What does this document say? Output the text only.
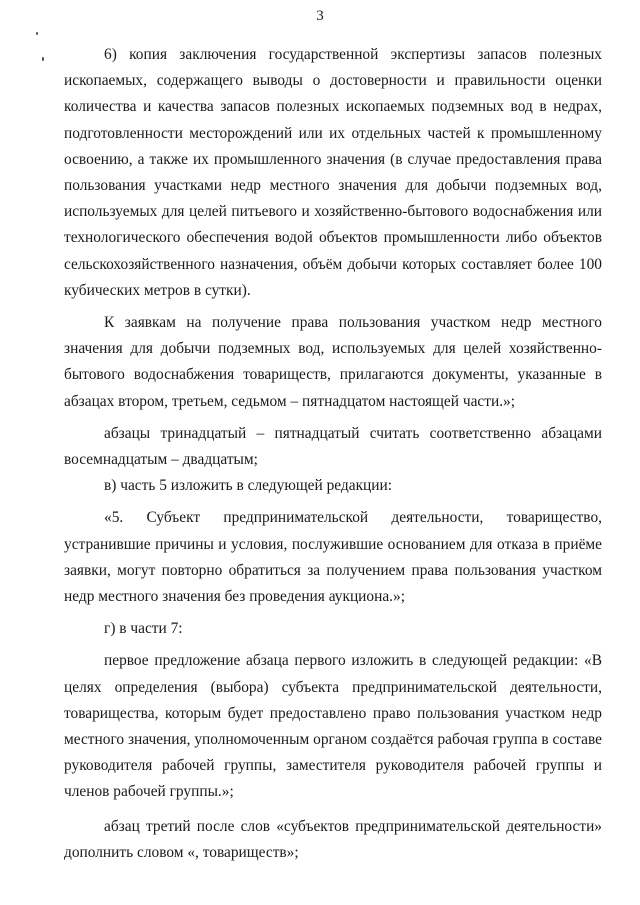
3

6) копия заключения государственной экспертизы запасов полезных ископаемых, содержащего выводы о достоверности и правильности оценки количества и качества запасов полезных ископаемых подземных вод в недрах, подготовленности месторождений или их отдельных частей к промышленному освоению, а также их промышленного значения (в случае предоставления права пользования участками недр местного значения для добычи подземных вод, используемых для целей питьевого и хозяйственно-бытового водоснабжения или технологического обеспечения водой объектов промышленности либо объектов сельскохозяйственного назначения, объём добычи которых составляет более 100 кубических метров в сутки).

К заявкам на получение права пользования участком недр местного значения для добычи подземных вод, используемых для целей хозяйственно-бытового водоснабжения товариществ, прилагаются документы, указанные в абзацах втором, третьем, седьмом – пятнадцатом настоящей части.»;

абзацы тринадцатый – пятнадцатый считать соответственно абзацами восемнадцатым – двадцатым;

в) часть 5 изложить в следующей редакции:

«5. Субъект предпринимательской деятельности, товарищество, устранившие причины и условия, послужившие основанием для отказа в приёме заявки, могут повторно обратиться за получением права пользования участком недр местного значения без проведения аукциона.»;

г) в части 7:

первое предложение абзаца первого изложить в следующей редакции: «В целях определения (выбора) субъекта предпринимательской деятельности, товарищества, которым будет предоставлено право пользования участком недр местного значения, уполномоченным органом создаётся рабочая группа в составе руководителя рабочей группы, заместителя руководителя рабочей группы и членов рабочей группы.»;

абзац третий после слов «субъектов предпринимательской деятельности» дополнить словом «, товариществ»;
